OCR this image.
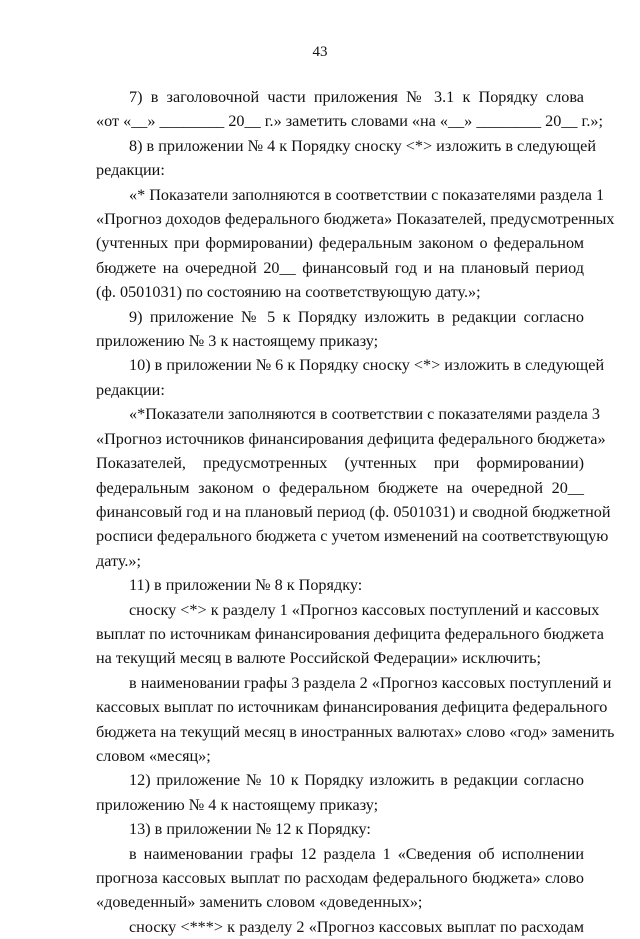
43
7) в заголовочной части приложения № 3.1 к Порядку слова
«от «__» ________ 20__ г.» заметить словами «на «__» ________ 20__ г.»;
8) в приложении № 4 к Порядку сноску <*> изложить в следующей
редакции:
«* Показатели заполняются в соответствии с показателями раздела 1
«Прогноз доходов федерального бюджета» Показателей, предусмотренных
(учтенных при формировании) федеральным законом о федеральном
бюджете на очередной 20__ финансовый год и на плановый период
(ф. 0501031) по состоянию на соответствующую дату.»;
9) приложение № 5 к Порядку изложить в редакции согласно
приложению № 3 к настоящему приказу;
10) в приложении № 6 к Порядку сноску <*> изложить в следующей
редакции:
«*Показатели заполняются в соответствии с показателями раздела 3
«Прогноз источников финансирования дефицита федерального бюджета»
Показателей, предусмотренных (учтенных при формировании)
федеральным законом о федеральном бюджете на очередной 20__
финансовый год и на плановый период (ф. 0501031) и сводной бюджетной
росписи федерального бюджета с учетом изменений на соответствующую
дату.»;
11) в приложении № 8 к Порядку:
сноску <*> к разделу 1 «Прогноз кассовых поступлений и кассовых
выплат по источникам финансирования дефицита федерального бюджета
на текущий месяц в валюте Российской Федерации» исключить;
в наименовании графы 3 раздела 2 «Прогноз кассовых поступлений и
кассовых выплат по источникам финансирования дефицита федерального
бюджета на текущий месяц в иностранных валютах» слово «год» заменить
словом «месяц»;
12) приложение № 10 к Порядку изложить в редакции согласно
приложению № 4 к настоящему приказу;
13) в приложении № 12 к Порядку:
в наименовании графы 12 раздела 1 «Сведения об исполнении
прогноза кассовых выплат по расходам федерального бюджета» слово
«доведенный» заменить словом «доведенных»;
сноску <***> к разделу 2 «Прогноз кассовых выплат по расходам
